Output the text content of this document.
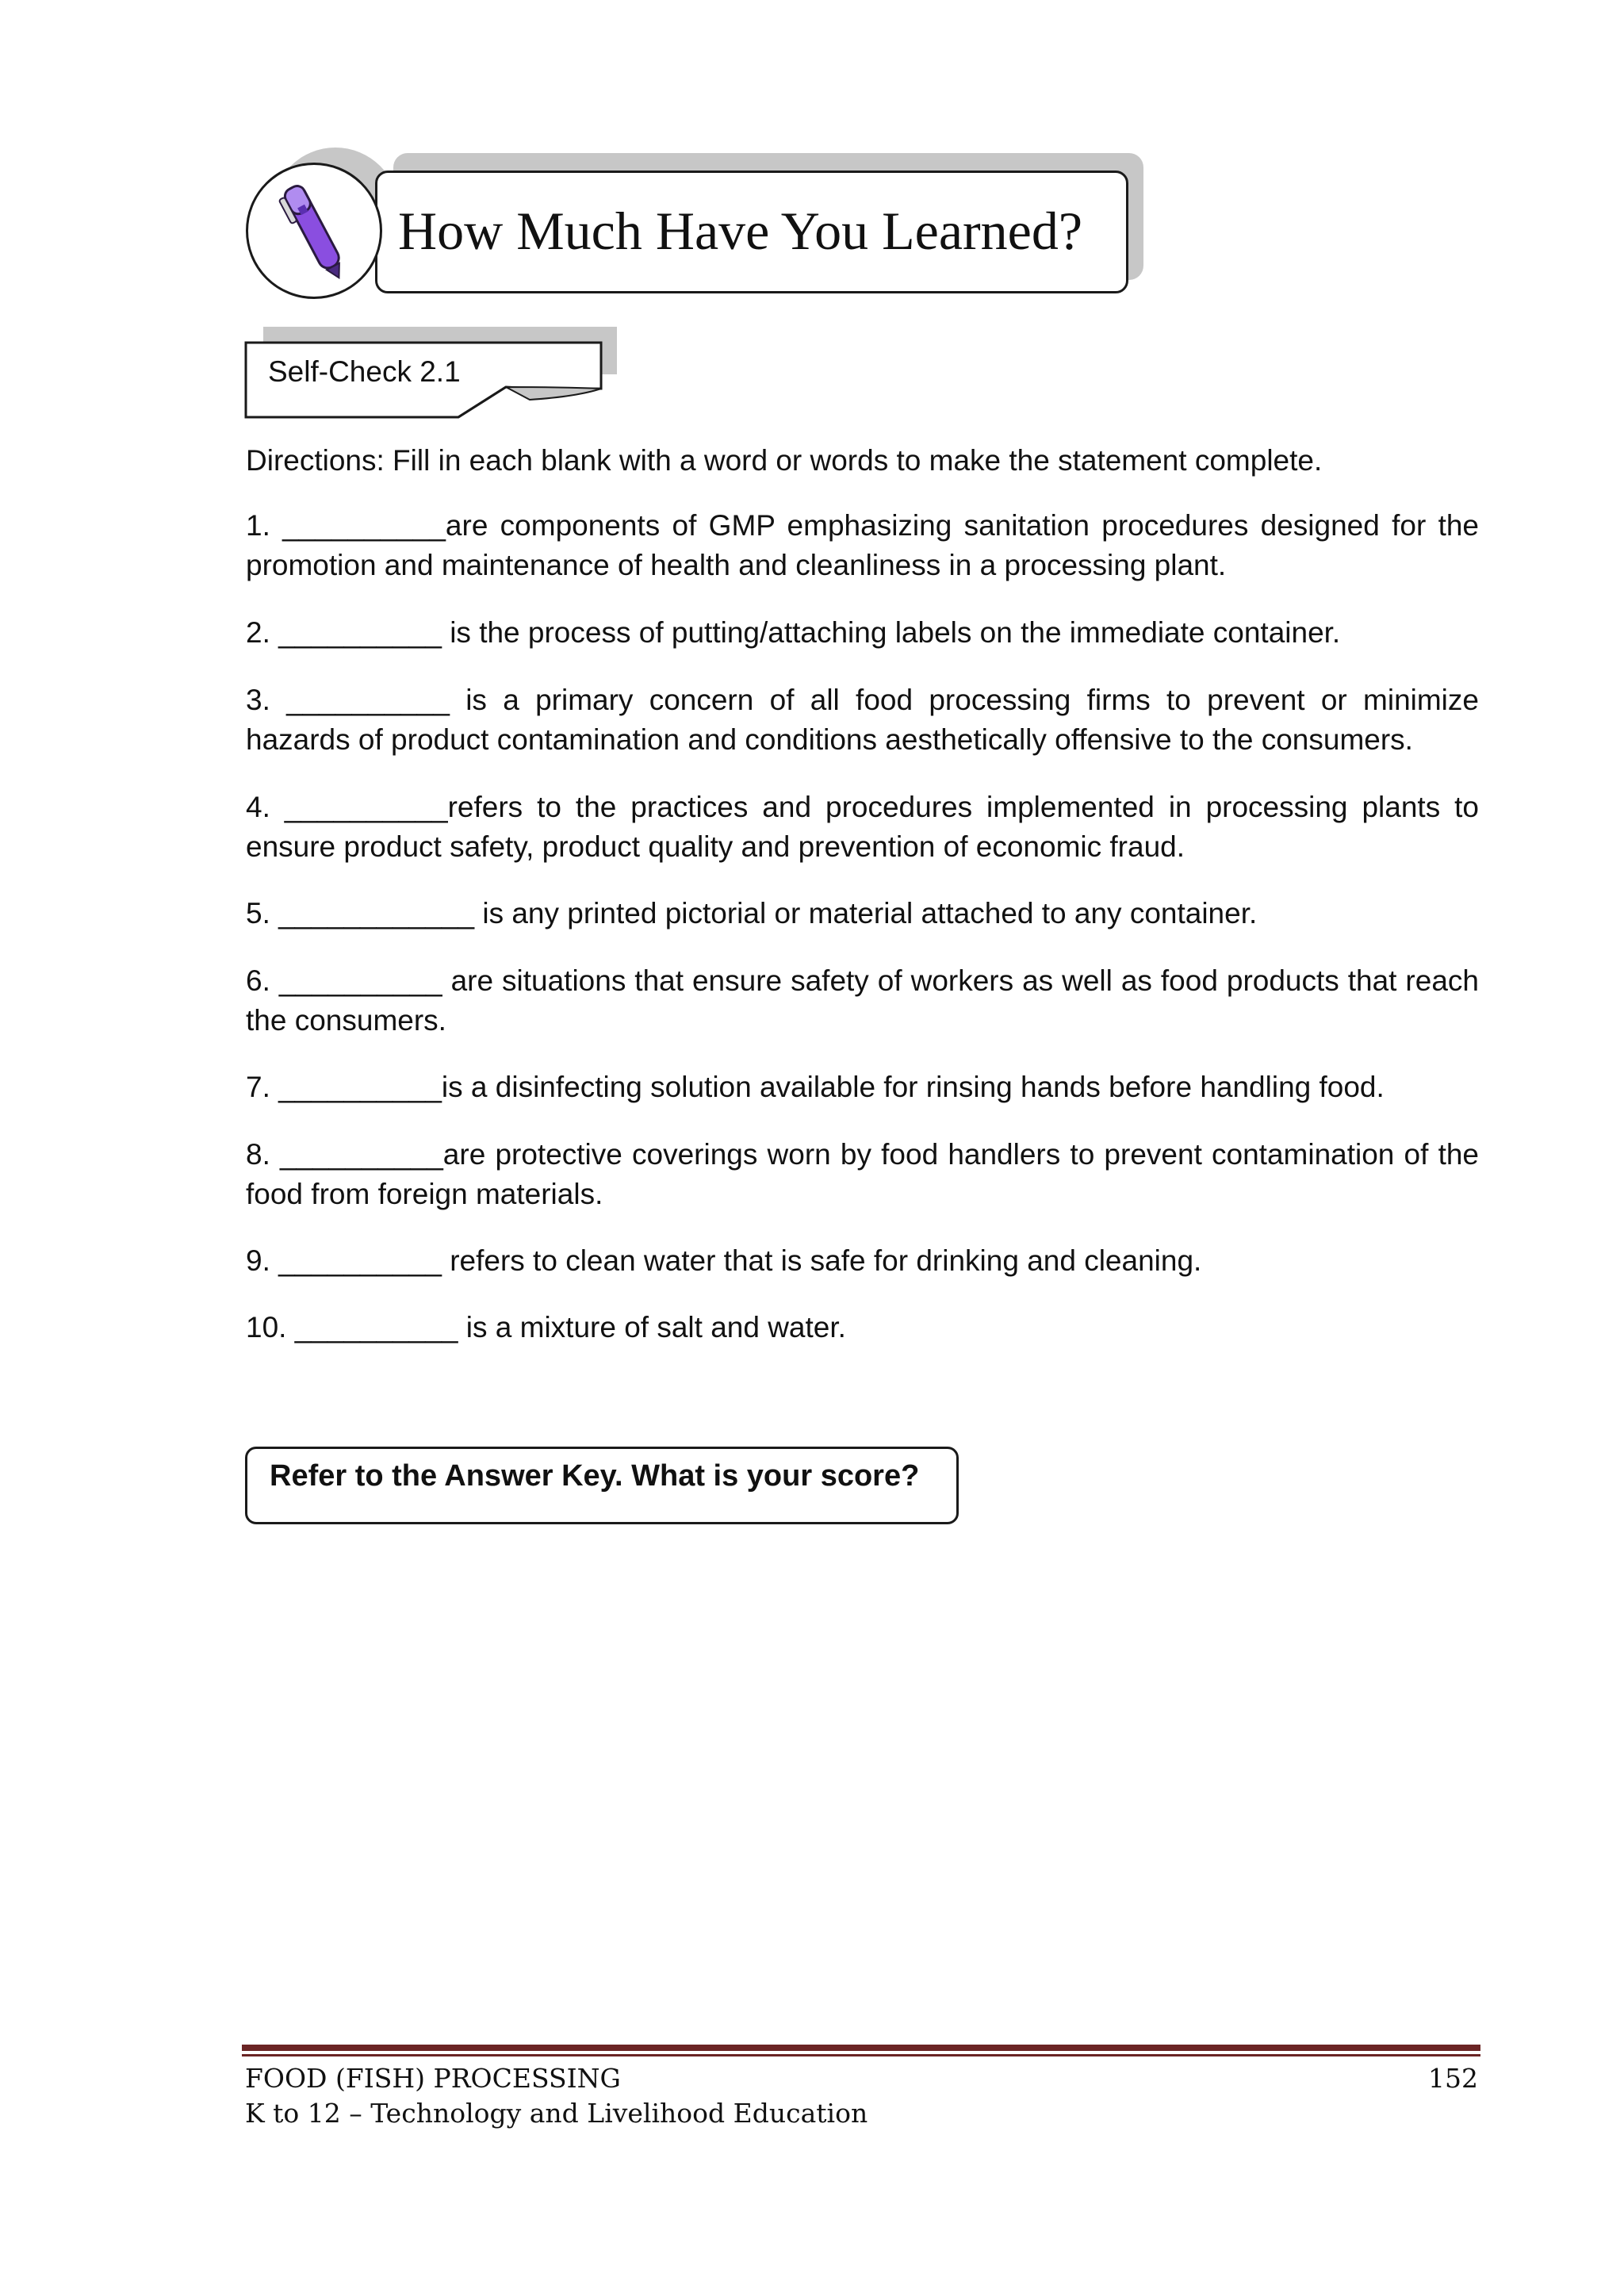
How Much Have You Learned?
Self-Check 2.1
Directions: Fill in each blank with a word or words to make the statement complete.
1. __________are components of GMP emphasizing sanitation procedures designed for the promotion and maintenance of health and cleanliness in a processing plant.
2. __________ is the process of putting/attaching labels on the immediate container.
3. __________ is a primary concern of all food processing firms to prevent or minimize hazards of product contamination and conditions aesthetically offensive to the consumers.
4. __________refers to the practices and procedures implemented in processing plants to ensure product safety, product quality and prevention of economic fraud.
5. ____________ is any printed pictorial or material attached to any container.
6. __________ are situations that ensure safety of workers as well as food products that reach the consumers.
7. __________is a disinfecting solution available for rinsing hands before handling food.
8. __________are protective coverings worn by food handlers to prevent contamination of the food from foreign materials.
9. __________ refers to clean water that is safe for drinking and cleaning.
10. __________ is a mixture of salt and water.
Refer to the Answer Key. What is your score?
FOOD (FISH) PROCESSING
K to 12 – Technology and Livelihood Education
152
